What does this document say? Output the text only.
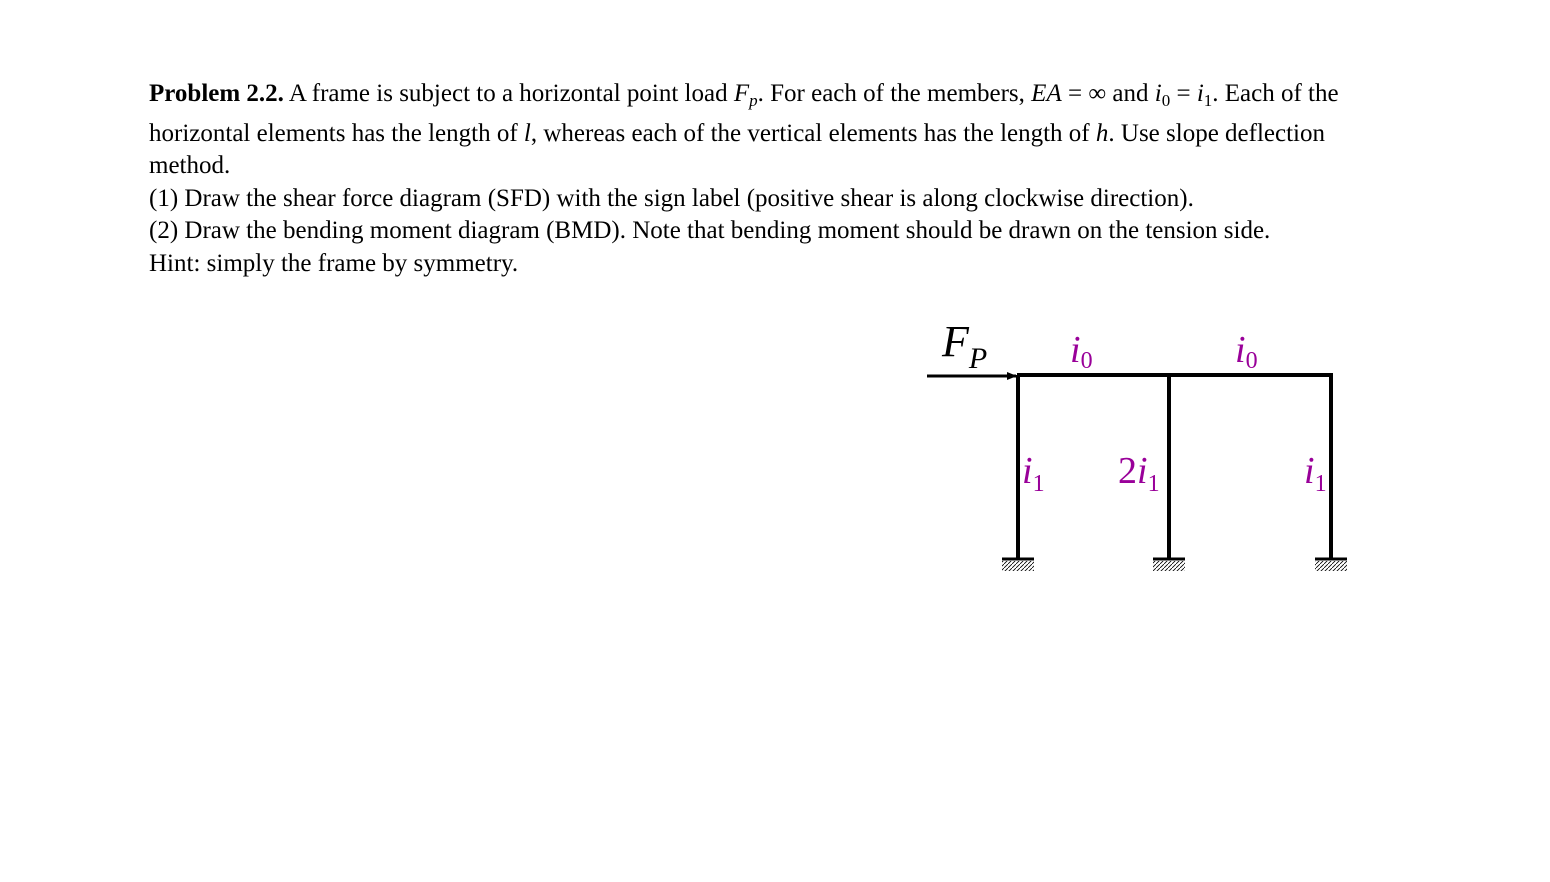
Problem 2.2. A frame is subject to a horizontal point load $F_p$. For each of the members, EA = ∞ and $i_0 = i_1$. Each of the horizontal elements has the length of l, whereas each of the vertical elements has the length of h. Use slope deflection method.

(1) Draw the shear force diagram (SFD) with the sign label (positive shear is along clockwise direction).

(2) Draw the bending moment diagram (BMD). Note that bending moment should be drawn on the tension side.

Hint: simply the frame by symmetry.

$F_P$ i0	i0
$i_1$ $2i_1$	$i_1$
